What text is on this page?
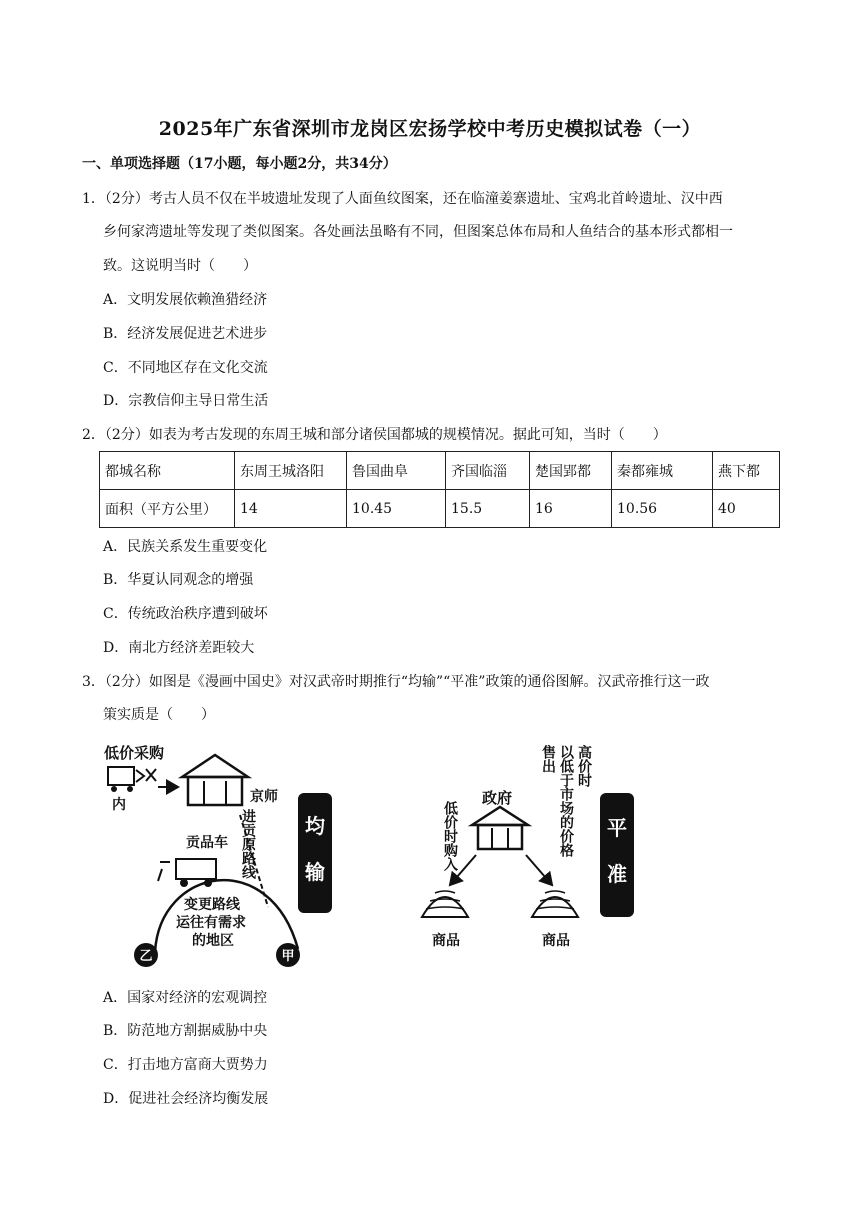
2025年广东省深圳市龙岗区宏扬学校中考历史模拟试卷（一）
一、单项选择题（17小题，每小题2分，共34分）
1．（2分）考古人员不仅在半坡遗址发现了人面鱼纹图案，还在临潼姜寨遗址、宝鸡北首岭遗址、汉中西
乡何家湾遗址等发现了类似图案。各处画法虽略有不同，但图案总体布局和人鱼结合的基本形式都相一
致。这说明当时（　　）
A．文明发展依赖渔猎经济
B．经济发展促进艺术进步
C．不同地区存在文化交流
D．宗教信仰主导日常生活
2．（2分）如表为考古发现的东周王城和部分诸侯国都城的规模情况。据此可知，当时（　　）
都城名称	东周王城洛阳	鲁国曲阜	齐国临淄	楚国郢都	秦都雍城	燕下都
面积（平方公里）	14	10.45	15.5	16	10.56	40
A．民族关系发生重要变化
B．华夏认同观念的增强
C．传统政治秩序遭到破坏
D．南北方经济差距较大
3．（2分）如图是《漫画中国史》对汉武帝时期推行“均输”“平准”政策的通俗图解。汉武帝推行这一政
策实质是（　　）
低价采购
内	京师
进贡原路线 均
输
均输
贡品车
变更路线
运往有需求
的地区
乙	甲
政府
低价时购入
售出 以低于市场的价格 高价时
平
准
平准
商品	商品
A．国家对经济的宏观调控
B．防范地方割据威胁中央
C．打击地方富商大贾势力
D．促进社会经济均衡发展
